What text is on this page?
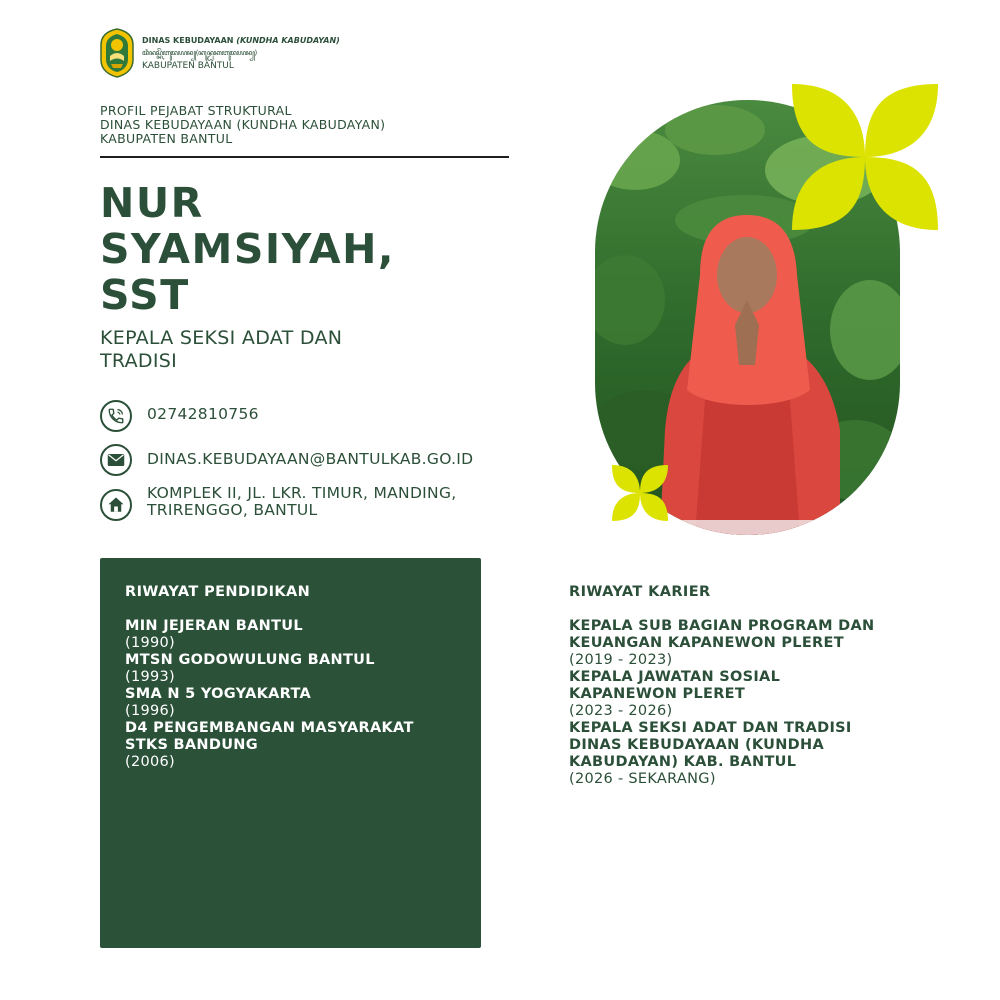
DINAS KEBUDAYAAN (KUNDHA KABUDAYAN)
ꦢꦶꦤꦱ꧀ꦏꦼꦧꦸꦢꦪꦤ꧀(ꦏꦸꦤ꧀ꦝꦏꦧꦸꦢꦪꦤ꧀)
KABUPATEN BANTUL
PROFIL PEJABAT STRUKTURAL
DINAS KEBUDAYAAN (KUNDHA KABUDAYAN)
KABUPATEN BANTUL
NUR
SYAMSIYAH,
SST
KEPALA SEKSI ADAT DAN
TRADISI
02742810756
DINAS.KEBUDAYAAN@BANTULKAB.GO.ID
KOMPLEK II, JL. LKR. TIMUR, MANDING,
TRIRENGGO, BANTUL
RIWAYAT PENDIDIKAN
MIN JEJERAN BANTUL
(1990)
MTSN GODOWULUNG BANTUL
(1993)
SMA N 5 YOGYAKARTA
(1996)
D4 PENGEMBANGAN MASYARAKAT STKS BANDUNG
(2006)
RIWAYAT KARIER
KEPALA SUB BAGIAN PROGRAM DAN KEUANGAN KAPANEWON PLERET
(2019 - 2023)
KEPALA JAWATAN SOSIAL KAPANEWON PLERET
(2023 - 2026)
KEPALA SEKSI ADAT DAN TRADISI DINAS KEBUDAYAAN (KUNDHA KABUDAYAN) KAB. BANTUL
(2026 - SEKARANG)
